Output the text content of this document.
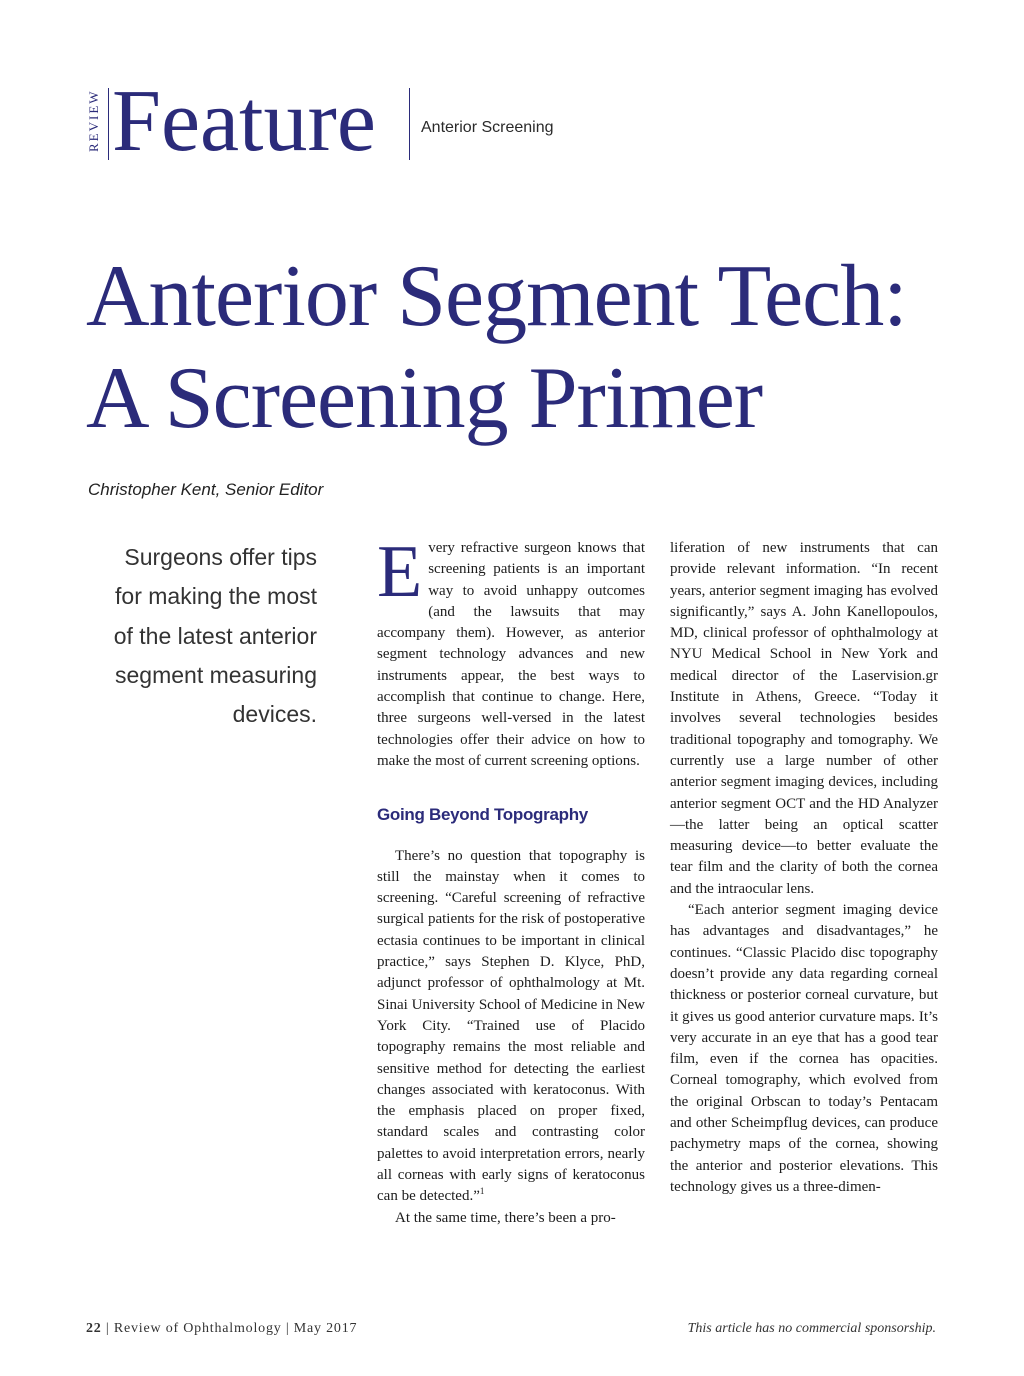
REVIEW Feature	Anterior Screening
Anterior Segment Tech:
A Screening Primer
Christopher Kent, Senior Editor
Surgeons offer tips for making the most of the latest anterior segment measuring devices.

Every refractive surgeon knows that screening patients is an important way to avoid unhappy outcomes (and the lawsuits that may accompany them). However, as anterior segment technology advances and new instruments appear, the best ways to accomplish that continue to change. Here, three surgeons well-versed in the latest technologies offer their advice on how to make the most of current screening options.

Going Beyond Topography

There’s no question that topography is still the mainstay when it comes to screening. “Careful screening of refractive surgical patients for the risk of postoperative ectasia continues to be important in clinical practice,” says Stephen D. Klyce, PhD, adjunct professor of ophthalmology at Mt. Sinai University School of Medicine in New York City. “Trained use of Placido topography remains the most reliable and sensitive method for detecting the earliest changes associated with keratoconus. With the emphasis placed on proper fixed, standard scales and contrasting color palettes to avoid interpretation errors, nearly all corneas with early signs of keratoconus can be detected.”$^1$

At the same time, there’s been a pro-

liferation of new instruments that can provide relevant information. “In recent years, anterior segment imaging has evolved significantly,” says A. John Kanellopoulos, MD, clinical professor of ophthalmology at NYU Medical School in New York and medical director of the Laservision.gr Institute in Athens, Greece. “Today it involves several technologies besides traditional topography and tomography. We currently use a large number of other anterior segment imaging devices, including anterior segment OCT and the HD Analyzer—the latter being an optical scatter measuring device—to better evaluate the tear film and the clarity of both the cornea and the intraocular lens.

“Each anterior segment imaging device has advantages and disadvantages,” he continues. “Classic Placido disc topography doesn’t provide any data regarding corneal thickness or posterior corneal curvature, but it gives us good anterior curvature maps. It’s very accurate in an eye that has a good tear film, even if the cornea has opacities. Corneal tomography, which evolved from the original Orbscan to today’s Pentacam and other Scheimpflug devices, can produce pachymetry maps of the cornea, showing the anterior and posterior elevations. This technology gives us a three-dimen-

22 | Review of Ophthalmology | May 2017	This article has no commercial sponsorship.
